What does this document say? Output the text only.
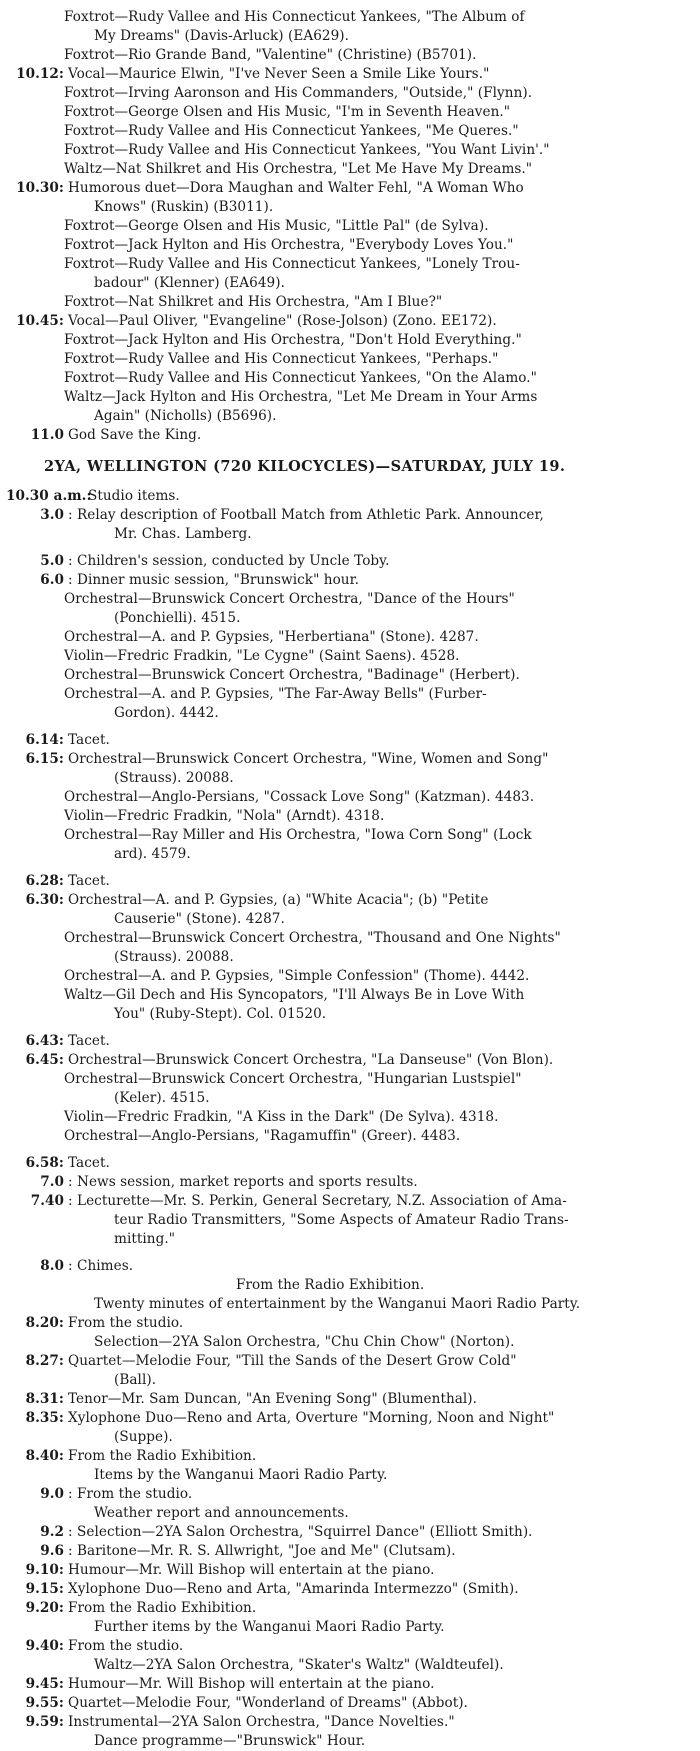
Foxtrot—Rudy Vallee and His Connecticut Yankees, "The Album of
My Dreams" (Davis-Arluck) (EA629).
Foxtrot—Rio Grande Band, "Valentine" (Christine) (B5701).
10.12: Vocal—Maurice Elwin, "I've Never Seen a Smile Like Yours."
Foxtrot—Irving Aaronson and His Commanders, "Outside," (Flynn).
Foxtrot—George Olsen and His Music, "I'm in Seventh Heaven."
Foxtrot—Rudy Vallee and His Connecticut Yankees, "Me Queres."
Foxtrot—Rudy Vallee and His Connecticut Yankees, "You Want Livin'."
Waltz—Nat Shilkret and His Orchestra, "Let Me Have My Dreams."
10.30: Humorous duet—Dora Maughan and Walter Fehl, "A Woman Who
Knows" (Ruskin) (B3011).
Foxtrot—George Olsen and His Music, "Little Pal" (de Sylva).
Foxtrot—Jack Hylton and His Orchestra, "Everybody Loves You."
Foxtrot—Rudy Vallee and His Connecticut Yankees, "Lonely Trou-
badour" (Klenner) (EA649).
Foxtrot—Nat Shilkret and His Orchestra, "Am I Blue?"
10.45: Vocal—Paul Oliver, "Evangeline" (Rose-Jolson) (Zono. EE172).
Foxtrot—Jack Hylton and His Orchestra, "Don't Hold Everything."
Foxtrot—Rudy Vallee and His Connecticut Yankees, "Perhaps."
Foxtrot—Rudy Vallee and His Connecticut Yankees, "On the Alamo."
Waltz—Jack Hylton and His Orchestra, "Let Me Dream in Your Arms
Again" (Nicholls) (B5696).
11.0 God Save the King.
2YA, WELLINGTON (720 KILOCYCLES)—SATURDAY, JULY 19.
10.30 a.m.:
Studio items.
3.0 : Relay description of Football Match from Athletic Park. Announcer,
Mr. Chas. Lamberg.
5.0 : Children's session, conducted by Uncle Toby.
6.0 : Dinner music session, "Brunswick" hour.
Orchestral—Brunswick Concert Orchestra, "Dance of the Hours"
(Ponchielli). 4515.
Orchestral—A. and P. Gypsies, "Herbertiana" (Stone). 4287.
Violin—Fredric Fradkin, "Le Cygne" (Saint Saens). 4528.
Orchestral—Brunswick Concert Orchestra, "Badinage" (Herbert).
Orchestral—A. and P. Gypsies, "The Far-Away Bells" (Furber-
Gordon). 4442.
6.14: Tacet.
6.15: Orchestral—Brunswick Concert Orchestra, "Wine, Women and Song"
(Strauss). 20088.
Orchestral—Anglo-Persians, "Cossack Love Song" (Katzman). 4483.
Violin—Fredric Fradkin, "Nola" (Arndt). 4318.
Orchestral—Ray Miller and His Orchestra, "Iowa Corn Song" (Lock
ard). 4579.
6.28: Tacet.
6.30: Orchestral—A. and P. Gypsies, (a) "White Acacia"; (b) "Petite
Causerie" (Stone). 4287.
Orchestral—Brunswick Concert Orchestra, "Thousand and One Nights"
(Strauss). 20088.
Orchestral—A. and P. Gypsies, "Simple Confession" (Thome). 4442.
Waltz—Gil Dech and His Syncopators, "I'll Always Be in Love With
You" (Ruby-Stept). Col. 01520.
6.43: Tacet.
6.45: Orchestral—Brunswick Concert Orchestra, "La Danseuse" (Von Blon).
Orchestral—Brunswick Concert Orchestra, "Hungarian Lustspiel"
(Keler). 4515.
Violin—Fredric Fradkin, "A Kiss in the Dark" (De Sylva). 4318.
Orchestral—Anglo-Persians, "Ragamuffin" (Greer). 4483.
6.58: Tacet.
7.0 : News session, market reports and sports results.
7.40 : Lecturette—Mr. S. Perkin, General Secretary, N.Z. Association of Ama-
teur Radio Transmitters, "Some Aspects of Amateur Radio Trans-
mitting."
8.0 : Chimes.
From the Radio Exhibition.
Twenty minutes of entertainment by the Wanganui Maori Radio Party.
8.20: From the studio.
Selection—2YA Salon Orchestra, "Chu Chin Chow" (Norton).
8.27: Quartet—Melodie Four, "Till the Sands of the Desert Grow Cold"
(Ball).
8.31: Tenor—Mr. Sam Duncan, "An Evening Song" (Blumenthal).
8.35: Xylophone Duo—Reno and Arta, Overture "Morning, Noon and Night"
(Suppe).
8.40: From the Radio Exhibition.
Items by the Wanganui Maori Radio Party.
9.0 : From the studio.
Weather report and announcements.
9.2 : Selection—2YA Salon Orchestra, "Squirrel Dance" (Elliott Smith).
9.6 : Baritone—Mr. R. S. Allwright, "Joe and Me" (Clutsam).
9.10: Humour—Mr. Will Bishop will entertain at the piano.
9.15: Xylophone Duo—Reno and Arta, "Amarinda Intermezzo" (Smith).
9.20: From the Radio Exhibition.
Further items by the Wanganui Maori Radio Party.
9.40: From the studio.
Waltz—2YA Salon Orchestra, "Skater's Waltz" (Waldteufel).
9.45: Humour—Mr. Will Bishop will entertain at the piano.
9.55: Quartet—Melodie Four, "Wonderland of Dreams" (Abbot).
9.59: Instrumental—2YA Salon Orchestra, "Dance Novelties."
Dance programme—"Brunswick" Hour.
